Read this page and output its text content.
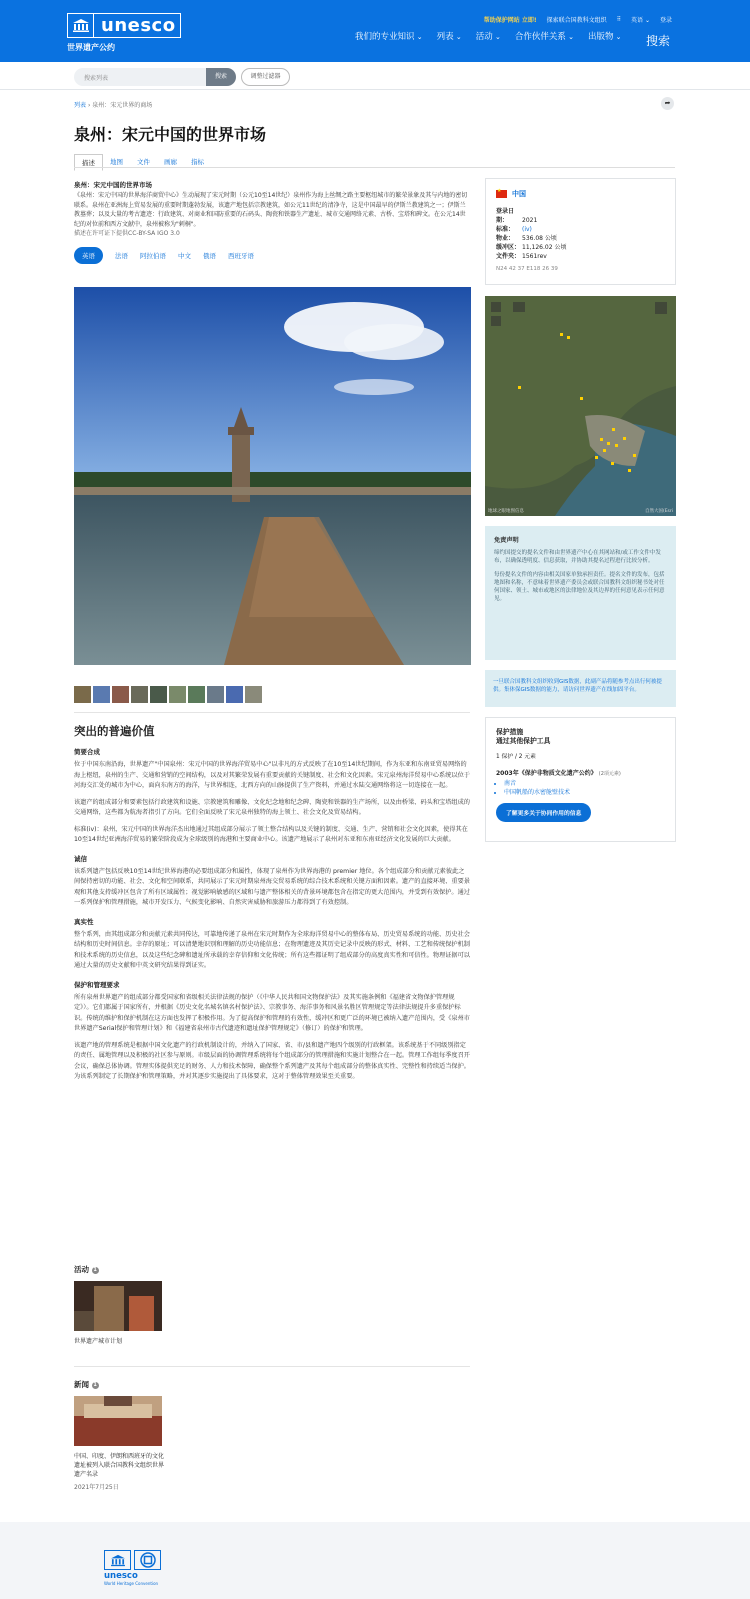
unesco
世界遗产公约
帮助保护网站 立即! 探索联合国教科文组织 ⠿ 英语 ⌄ 登录
我们的专业知识 ⌄	列表 ⌄	活动 ⌄	合作伙伴关系 ⌄	出版物 ⌄	搜索
搜索列表	搜索	调整过滤器
列表 › 泉州：宋元世界的商场	➦
泉州：宋元中国的世界市场
描述	地图	文件	画廊	指标
泉州：宋元中国的世界市场
《泉州：宋元中国的世界海洋商贸中心》生动展现了宋元时期（公元10至14世纪）泉州作为海上丝绸之路主要枢纽城市的繁荣景象及其与内地的密切联系。泉州在亚洲海上贸易发展的重要时期蓬勃发展，该遗产地包括宗教建筑，如公元11世纪的清净寺，这是中国最早的伊斯兰教建筑之一；伊斯兰教墓葬；以及大量的考古遗迹：行政建筑、对商业和国防重要的石码头、陶瓷和铁器生产遗址、城市交通网络元素、古桥、宝塔和碑文。在公元14世纪的对位前和西方文献中，泉州被称为"刺桐"。
描述在许可证下提供CC-BY-SA IGO 3.0
英语	法语 阿拉伯语 中文 俄语 西班牙语
突出的普遍价值
简要合成

位于中国东南沿海，世界遗产"中国泉州：宋元中国的世界海洋贸易中心"以非凡的方式反映了在10至14世纪期间，作为东亚和东南亚贸易网络的海上枢纽，泉州的生产、交通和营销的空间结构，以及对其繁荣发展有重要贡献的关键制度、社会和文化因素。宋元泉州海洋贸易中心系统以位于河海交汇处的城市为中心，面向东南方的海洋，与世界相连，北西方向的山脉提供了生产资料，并通过水陆交通网络将这一切连接在一起。

该遗产的组成部分和要素包括行政建筑和设施、宗教建筑和雕像、文化纪念地和纪念碑、陶瓷和铁器的生产场所，以及由桥梁、码头和宝塔组成的交通网络，这些都为航海者指引了方向。它们全面反映了宋元泉州独特的海上领土、社会文化及贸易结构。

标准(iv)：泉州，宋元中国的世界海洋杰出地通过其组成部分展示了领土整合结构以及关键的制度、交通、生产、营销和社会文化因素，使得其在10至14世纪亚洲海洋贸易的繁荣阶段成为全球级别的海港和主要商业中心。该遗产地展示了泉州对东亚和东南亚经济文化发展的巨大贡献。

诚信

该系列遗产包括反映10至14世纪世界海港的必要组成部分和属性，体现了泉州作为世界海港的 premier 地位。各个组成部分和贡献元素彼此之间保持密切的功能、社会、文化和空间联系，共同展示了宋元时期泉州海交贸易系统的综合技术系统和关键方面和因素。遗产的直接环境、重要景观和其他支持缓冲区包含了所有区域属性；视觉影响敏感的区域和与遗产整体相关的背景环境都包含在指定的更大范围内，并受到有效保护。通过一系列保护和管理措施，城市开发压力、气候变化影响、自然灾害威胁和旅游压力都得到了有效控制。

真实性

整个系列，由其组成部分和贡献元素共同传达，可靠地传递了泉州在宋元时期作为全球海洋贸易中心的整体布局、历史贸易系统的功能、历史社会结构和历史时间信息。幸存的原址；可以清楚地识别和理解的历史功能信息；在物理遗迹及其历史记录中反映的形式、材料、工艺和传统保护机制和技术系统的历史信息，以及这些纪念碑和遗址所承载的幸存信仰和文化传统；所有这些都证明了组成部分的高度真实性和可信性。物理证据可以通过大量的历史文献和中英文研究结果得到证实。

保护和管理要求

所有泉州世界遗产的组成部分都受国家和省级相关法律法规的保护（《中华人民共和国文物保护法》及其实施条例和《福建省文物保护管理规定》）。它们都属于国家所有，并根据《历史文化名城名镇名村保护法》、宗教事务、海洋事务和风景名胜区管理规定等法律法规提升多重保护标识。传统的维护和保护机制在这方面也发挥了积极作用。为了提高保护和管理的有效性，缓冲区和更广泛的环境已被纳入遗产范围内，受《泉州市世界遗产Serial保护和管理计划》和《福建省泉州市古代遗迹和遗址保护管理规定》（修订）的保护和管理。

该遗产地的管理系统是根据中国文化遗产的行政机制设计的，并纳入了国家、省、市/县和遗产地四个级别的行政框架。该系统基于不同级别指定的责任、属地管理以及积极的社区参与原则。市级层面的协调管理系统将每个组成部分的管理措施和实施计划整合在一起。管理工作组每季度召开会议，确保总体协调。管理实体提供充足的财务、人力和技术保障，确保整个系列遗产及其每个组成部分的整体真实性、完整性和持续适当保护。为该系列制定了长期保护和管理策略，并对其逐步实施提出了具体要求，这对于整体管理效果至关重要。

活动 1
世界遗产城市计划
新闻 1
中国、印度、伊朗和西班牙的文化遗址被列入联合国教科文组织世界遗产名录
2021年7月25日
★
中国
登录日期： 2021
标准： (iv)
物业： 536.08 公顷
缓冲区： 11,126.02 公顷
文件夹： 1561rev
N24 42 37 E118 26 39
地球之眼地图信息	自然大国(Esri
免责声明

缔约国提交的提名文件和由世界遗产中心在其网站和/或工作文件中发布，以确保透明度、信息获取，并协助其提名过程进行比较分析。

每份提名文件的内容由相关国家单独承担责任。提名文件的发布，包括地图和名称，不意味着世界遗产委员会或联合国教科文组织秘书处对任何国家、领土、城市或地区的法律地位及其边界的任何意见表示任何意见。

一旦联合国教科文组织收到GIS数据，此副产品将随参考点出行何被提供。集体保GIS数据的能力，请访问世界遗产在线加固平台。
保护措施
通过其他保护工具
1 保护 / 2 元素
2003年《保护非物质文化遗产公约》 (2项元素)
• 南音
• 中国帆船的水密舱壁技术
了解更多关于协同作用的信息
unesco
World Heritage Convention
